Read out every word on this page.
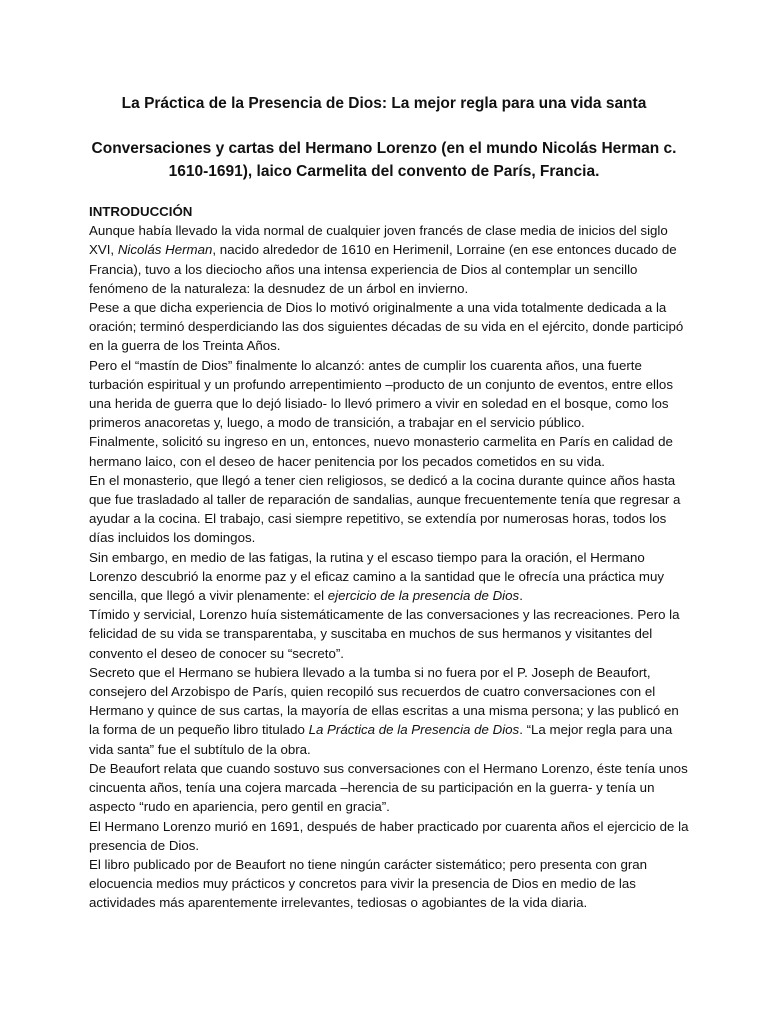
La Práctica de la Presencia de Dios: La mejor regla para una vida santa
Conversaciones y cartas del Hermano Lorenzo (en el mundo Nicolás Herman c. 1610-1691), laico Carmelita del convento de París, Francia.

INTRODUCCIÓN

Aunque había llevado la vida normal de cualquier joven francés de clase media de inicios del siglo XVI, Nicolás Herman, nacido alrededor de 1610 en Herimenil, Lorraine (en ese entonces ducado de Francia), tuvo a los dieciocho años una intensa experiencia de Dios al contemplar un sencillo fenómeno de la naturaleza: la desnudez de un árbol en invierno.

Pese a que dicha experiencia de Dios lo motivó originalmente a una vida totalmente dedicada a la oración; terminó desperdiciando las dos siguientes décadas de su vida en el ejército, donde participó en la guerra de los Treinta Años.

Pero el “mastín de Dios” finalmente lo alcanzó: antes de cumplir los cuarenta años, una fuerte turbación espiritual y un profundo arrepentimiento –producto de un conjunto de eventos, entre ellos una herida de guerra que lo dejó lisiado- lo llevó primero a vivir en soledad en el bosque, como los primeros anacoretas y, luego, a modo de transición, a trabajar en el servicio público.

Finalmente, solicitó su ingreso en un, entonces, nuevo monasterio carmelita en París en calidad de hermano laico, con el deseo de hacer penitencia por los pecados cometidos en su vida.

En el monasterio, que llegó a tener cien religiosos, se dedicó a la cocina durante quince años hasta que fue trasladado al taller de reparación de sandalias, aunque frecuentemente tenía que regresar a ayudar a la cocina. El trabajo, casi siempre repetitivo, se extendía por numerosas horas, todos los días incluidos los domingos.

Sin embargo, en medio de las fatigas, la rutina y el escaso tiempo para la oración, el Hermano Lorenzo descubrió la enorme paz y el eficaz camino a la santidad que le ofrecía una práctica muy sencilla, que llegó a vivir plenamente: el ejercicio de la presencia de Dios.

Tímido y servicial, Lorenzo huía sistemáticamente de las conversaciones y las recreaciones. Pero la felicidad de su vida se transparentaba, y suscitaba en muchos de sus hermanos y visitantes del convento el deseo de conocer su “secreto”.

Secreto que el Hermano se hubiera llevado a la tumba si no fuera por el P. Joseph de Beaufort, consejero del Arzobispo de París, quien recopiló sus recuerdos de cuatro conversaciones con el Hermano y quince de sus cartas, la mayoría de ellas escritas a una misma persona; y las publicó en la forma de un pequeño libro titulado La Práctica de la Presencia de Dios. “La mejor regla para una vida santa” fue el subtítulo de la obra.

De Beaufort relata que cuando sostuvo sus conversaciones con el Hermano Lorenzo, éste tenía unos cincuenta años, tenía una cojera marcada –herencia de su participación en la guerra- y tenía un aspecto “rudo en apariencia, pero gentil en gracia”.

El Hermano Lorenzo murió en 1691, después de haber practicado por cuarenta años el ejercicio de la presencia de Dios.

El libro publicado por de Beaufort no tiene ningún carácter sistemático; pero presenta con gran elocuencia medios muy prácticos y concretos para vivir la presencia de Dios en medio de las actividades más aparentemente irrelevantes, tediosas o agobiantes de la vida diaria.
